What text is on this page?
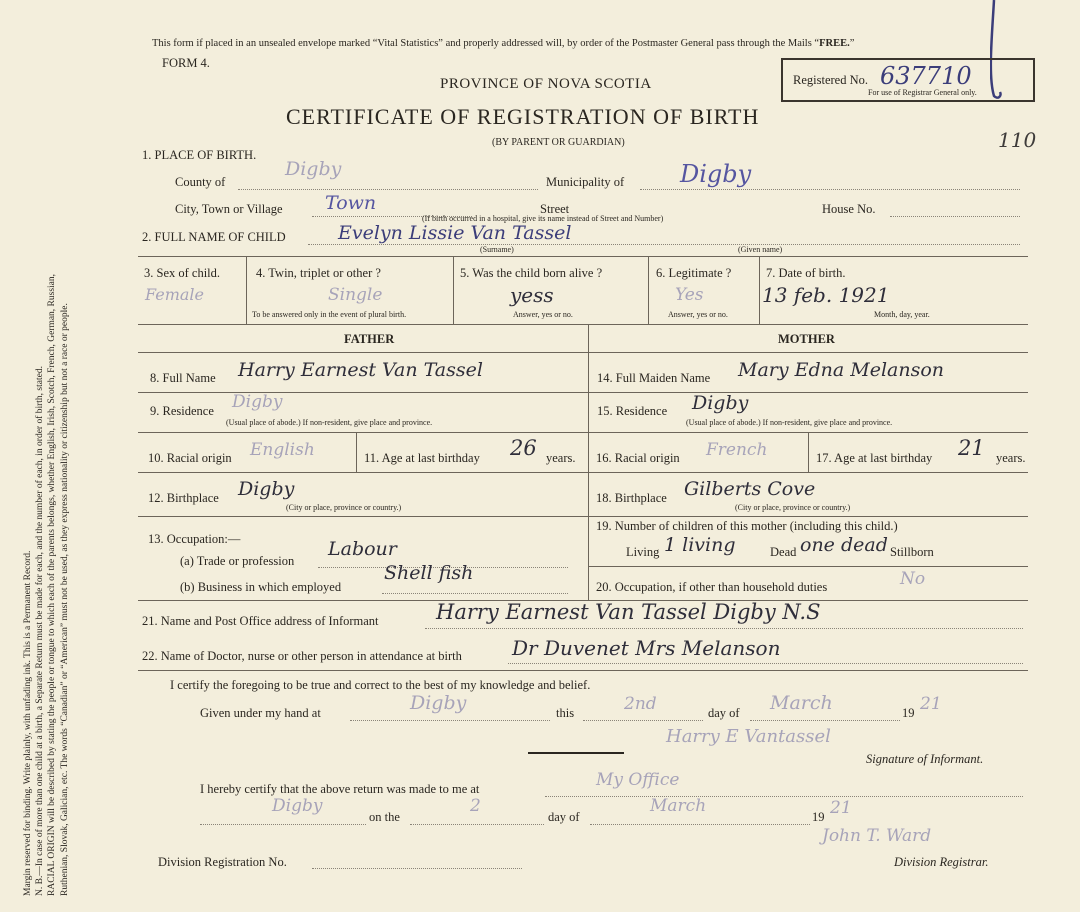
Margin reserved for binding. Write plainly, with unfading ink. This is a Permanent Record. N. B.—In case of more than one child at a birth, a Separate Return must be made for each, and the number of each, in order of birth, stated. RACIAL ORIGIN will be described by stating the people or tongue to which each of the parents belongs, whether English, Irish, Scotch, French, German, Russian, Ruthenian, Slovak, Galician, etc. The words “Canadian” or “American” must not be used, as they express nationality or citizenship but not a race or people.
This form if placed in an unsealed envelope marked “Vital Statistics” and properly addressed will, by order of the Postmaster General pass through the Mails “FREE.”
FORM 4.
PROVINCE OF NOVA SCOTIA
CERTIFICATE OF REGISTRATION OF BIRTH
(BY PARENT OR GUARDIAN)
Registered No. 637710
For use of Registrar General only.
110
1. PLACE OF BIRTH.
County of
Digby
Municipality of Digby
City, Town or Village Town	Street	House No.
(If birth occurred in a hospital, give its name instead of Street and Number)
2. FULL NAME OF CHILD	Evelyn Lissie Van Tassel
(Surname)	(Given name)
3. Sex of child.
Female
4. Twin, triplet or other ?
Single
To be answered only in the event of plural birth.
5. Was the child born alive ?
yess
Answer, yes or no.
6. Legitimate ?
Yes
Answer, yes or no.
7. Date of birth.
13 feb. 1921
Month, day, year.
FATHER	MOTHER
8. Full Name Harry Earnest Van Tassel	14. Full Maiden Name Mary Edna Melanson
9. Residence Digby
(Usual place of abode.) If non-resident, give place and province.
15. Residence Digby
(Usual place of abode.) If non-resident, give place and province.
10. Racial origin English	11. Age at last birthday 26 years. 16. Racial origin French	17. Age at last birthday 21 years.
12. Birthplace Digby
(City or place, province or country.)
18. Birthplace Gilberts Cove
(City or place, province or country.)
13. Occupation:—
(a) Trade or profession
Labour
(b) Business in which employed
Shell fish
19. Number of children of this mother (including this child.)
Living 1 living	Dead one dead Stillborn
20. Occupation, if other than household duties	No
21. Name and Post Office address of Informant	Harry Earnest Van Tassel Digby N.S
22. Name of Doctor, nurse or other person in attendance at birth	Dr Duvenet Mrs Melanson
I certify the foregoing to be true and correct to the best of my knowledge and belief.
Given under my hand at	Digby	this	2nd	day of March	19 21
Harry E Vantassel
Signature of Informant.
I hereby certify that the above return was made to me at	My Office
Digby
on the
2
day of
March
19 21
Division Registration No.
John T. Ward
Division Registrar.
